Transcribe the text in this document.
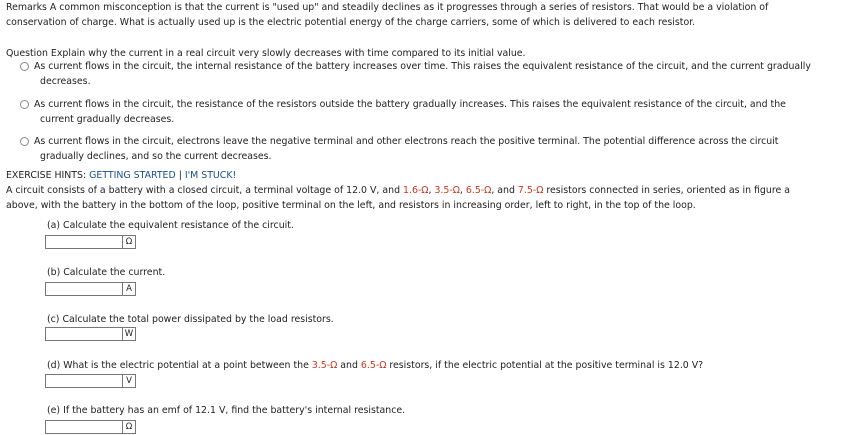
Remarks A common misconception is that the current is "used up" and steadily declines as it progresses through a series of resistors. That would be a violation of
conservation of charge. What is actually used up is the electric potential energy of the charge carriers, some of which is delivered to each resistor.
Question Explain why the current in a real circuit very slowly decreases with time compared to its initial value.
As current flows in the circuit, the internal resistance of the battery increases over time. This raises the equivalent resistance of the circuit, and the current gradually
decreases.
As current flows in the circuit, the resistance of the resistors outside the battery gradually increases. This raises the equivalent resistance of the circuit, and the
current gradually decreases.
As current flows in the circuit, electrons leave the negative terminal and other electrons reach the positive terminal. The potential difference across the circuit
gradually declines, and so the current decreases.
EXERCISE HINTS: GETTING STARTED | I'M STUCK!
A circuit consists of a battery with a closed circuit, a terminal voltage of 12.0 V, and 1.6-Ω, 3.5-Ω, 6.5-Ω, and 7.5-Ω resistors connected in series, oriented as in figure a
above, with the battery in the bottom of the loop, positive terminal on the left, and resistors in increasing order, left to right, in the top of the loop.
(a) Calculate the equivalent resistance of the circuit.
Ω
(b) Calculate the current.
A
(c) Calculate the total power dissipated by the load resistors.
W
(d) What is the electric potential at a point between the 3.5-Ω and 6.5-Ω resistors, if the electric potential at the positive terminal is 12.0 V?
V
(e) If the battery has an emf of 12.1 V, find the battery's internal resistance.
Ω
